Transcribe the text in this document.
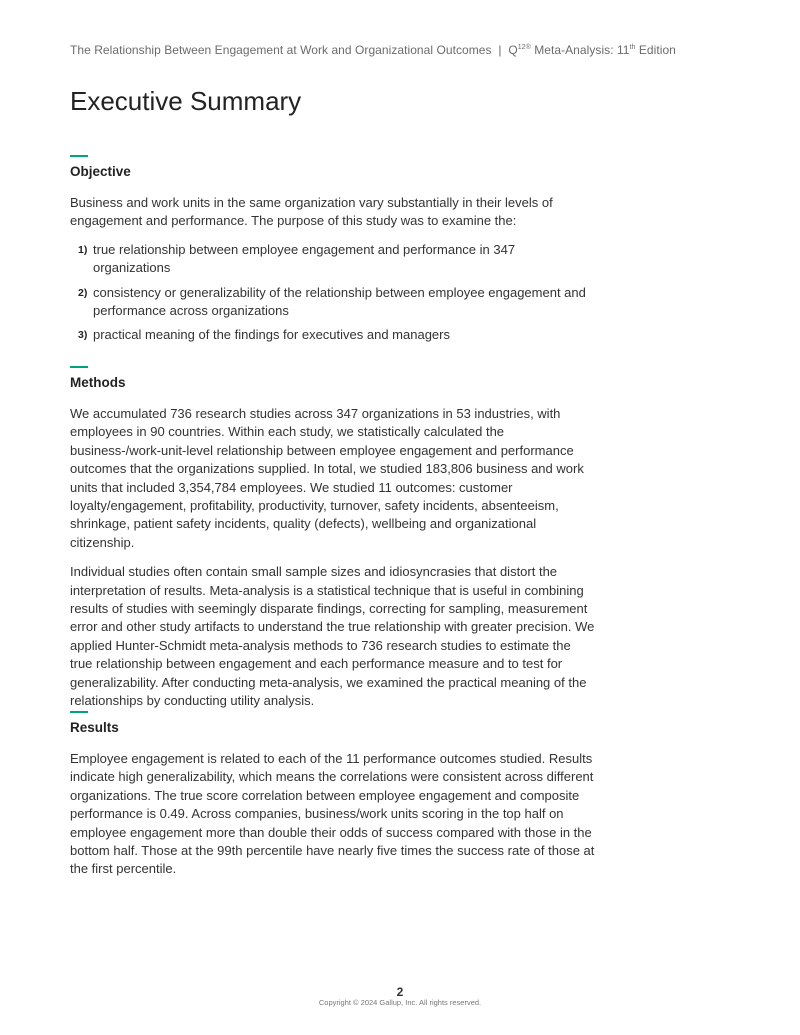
The Relationship Between Engagement at Work and Organizational Outcomes | $Q^{12®}$ Meta-Analysis: 11th Edition
Executive Summary
Objective

Business and work units in the same organization vary substantially in their levels of engagement and performance. The purpose of this study was to examine the:

1) true relationship between employee engagement and performance in 347 organizations
2) consistency or generalizability of the relationship between employee engagement and performance across organizations
3) practical meaning of the findings for executives and managers
Methods

We accumulated 736 research studies across 347 organizations in 53 industries, with employees in 90 countries. Within each study, we statistically calculated the business-/work-unit-level relationship between employee engagement and performance outcomes that the organizations supplied. In total, we studied 183,806 business and work units that included 3,354,784 employees. We studied 11 outcomes: customer loyalty/engagement, profitability, productivity, turnover, safety incidents, absenteeism, shrinkage, patient safety incidents, quality (defects), wellbeing and organizational citizenship.

Individual studies often contain small sample sizes and idiosyncrasies that distort the interpretation of results. Meta-analysis is a statistical technique that is useful in combining results of studies with seemingly disparate findings, correcting for sampling, measurement error and other study artifacts to understand the true relationship with greater precision. We applied Hunter-Schmidt meta-analysis methods to 736 research studies to estimate the true relationship between engagement and each performance measure and to test for generalizability. After conducting meta-analysis, we examined the practical meaning of the relationships by conducting utility analysis.

Results

Employee engagement is related to each of the 11 performance outcomes studied. Results indicate high generalizability, which means the correlations were consistent across different organizations. The true score correlation between employee engagement and composite performance is 0.49. Across companies, business/work units scoring in the top half on employee engagement more than double their odds of success compared with those in the bottom half. Those at the 99th percentile have nearly five times the success rate of those at the first percentile.

2
Copyright © 2024 Gallup, Inc. All rights reserved.
